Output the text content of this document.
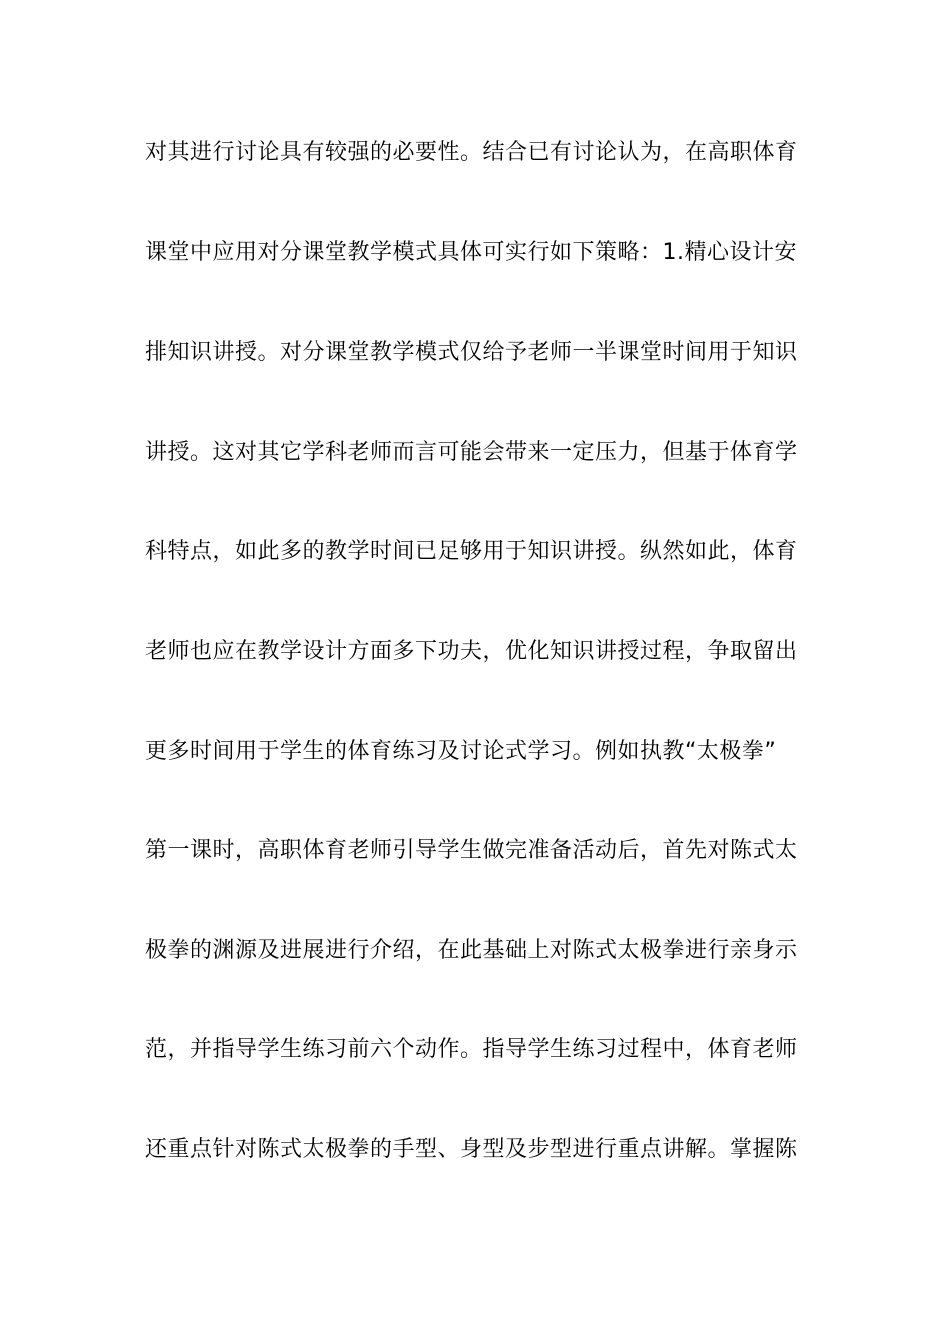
对其进行讨论具有较强的必要性。结合已有讨论认为，在高职体育
课堂中应用对分课堂教学模式具体可实行如下策略：1.精心设计安
排知识讲授。对分课堂教学模式仅给予老师一半课堂时间用于知识
讲授。这对其它学科老师而言可能会带来一定压力，但基于体育学
科特点，如此多的教学时间已足够用于知识讲授。纵然如此，体育
老师也应在教学设计方面多下功夫，优化知识讲授过程，争取留出
更多时间用于学生的体育练习及讨论式学习。例如执教“太极拳”
第一课时，高职体育老师引导学生做完准备活动后，首先对陈式太
极拳的渊源及进展进行介绍，在此基础上对陈式太极拳进行亲身示
范，并指导学生练习前六个动作。指导学生练习过程中，体育老师
还重点针对陈式太极拳的手型、身型及步型进行重点讲解。掌握陈
